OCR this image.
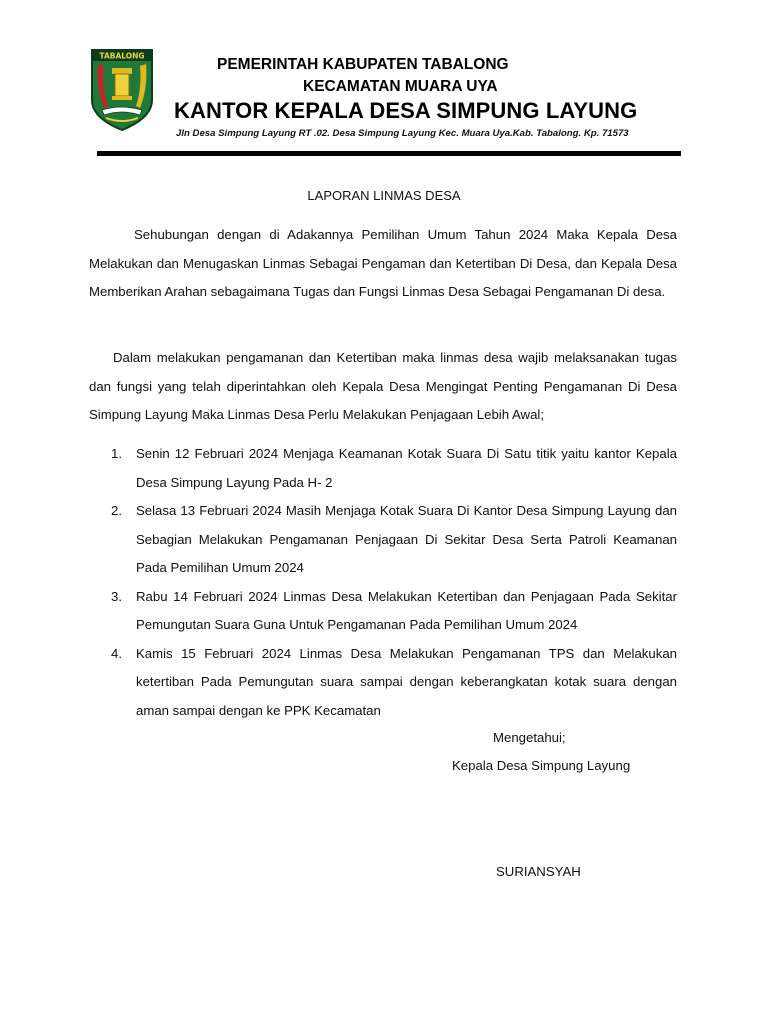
TABALONG	PEMERINTAH KABUPATEN TABALONG
KECAMATAN MUARA UYA
KANTOR KEPALA DESA SIMPUNG LAYUNG
Jln Desa Simpung Layung RT .02. Desa Simpung Layung Kec. Muara Uya.Kab. Tabalong. Kp. 71573
LAPORAN LINMAS DESA

Sehubungan dengan di Adakannya Pemilihan Umum Tahun 2024 Maka Kepala Desa Melakukan dan Menugaskan Linmas Sebagai Pengaman dan Ketertiban Di Desa, dan Kepala Desa Memberikan Arahan sebagaimana Tugas dan Fungsi Linmas Desa Sebagai Pengamanan Di desa.

Dalam melakukan pengamanan dan Ketertiban maka linmas desa wajib melaksanakan tugas dan fungsi yang telah diperintahkan oleh Kepala Desa Mengingat Penting Pengamanan Di Desa Simpung Layung Maka Linmas Desa Perlu Melakukan Penjagaan Lebih Awal;

1. Senin 12 Februari 2024 Menjaga Keamanan Kotak Suara Di Satu titik yaitu kantor Kepala Desa Simpung Layung Pada H- 2
2. Selasa 13 Februari 2024 Masih Menjaga Kotak Suara Di Kantor Desa Simpung Layung dan Sebagian Melakukan Pengamanan Penjagaan Di Sekitar Desa Serta Patroli Keamanan Pada Pemilihan Umum 2024
3. Rabu 14 Februari 2024 Linmas Desa Melakukan Ketertiban dan Penjagaan Pada Sekitar Pemungutan Suara Guna Untuk Pengamanan Pada Pemilihan Umum 2024
4. Kamis 15 Februari 2024 Linmas Desa Melakukan Pengamanan TPS dan Melakukan ketertiban Pada Pemungutan suara sampai dengan keberangkatan kotak suara dengan aman sampai dengan ke PPK Kecamatan
Mengetahui;
Kepala Desa Simpung Layung
SURIANSYAH
